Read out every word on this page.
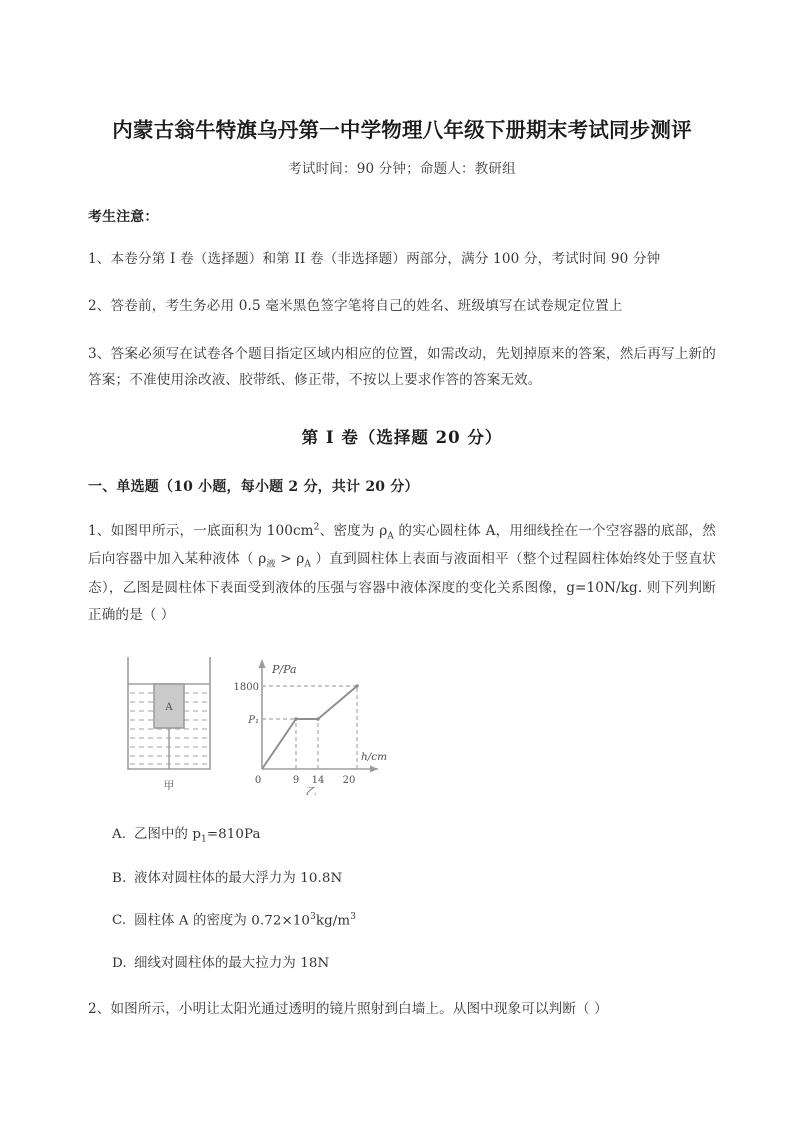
内蒙古翁牛特旗乌丹第一中学物理八年级下册期末考试同步测评
考试时间：90 分钟；命题人：教研组
考生注意：

1、本卷分第 I 卷（选择题）和第 II 卷（非选择题）两部分，满分 100 分，考试时间 90 分钟

2、答卷前，考生务必用 0.5 毫米黑色签字笔将自己的姓名、班级填写在试卷规定位置上

3、答案必须写在试卷各个题目指定区域内相应的位置，如需改动，先划掉原来的答案，然后再写上新的答案；不准使用涂改液、胶带纸、修正带，不按以上要求作答的答案无效。

第 I 卷（选择题 20 分）
一、单选题（10 小题，每小题 2 分，共计 20 分）

1、如图甲所示，一底面积为 $100cm^2$、密度为 $\rho_A$ 的实心圆柱体 A，用细线拴在一个空容器的底部，然后向容器中加入某种液体（ $\rho_液 > \rho_A$ ）直到圆柱体上表面与液面相平（整个过程圆柱体始终处于竖直状态），乙图是圆柱体下表面受到液体的压强与容器中液体深度的变化关系图像，g=10N/kg. 则下列判断正确的是（ ）

A
甲
P/Pa
1800
P₁
h/cm
0	9 14 20
乙

A. 乙图中的 $p_1=810Pa$

B. 液体对圆柱体的最大浮力为 10.8N

C. 圆柱体 A 的密度为 $0.72\times 10^3kg/m^3$

D. 细线对圆柱体的最大拉力为 18N

2、如图所示，小明让太阳光通过透明的镜片照射到白墙上。从图中现象可以判断（ ）
